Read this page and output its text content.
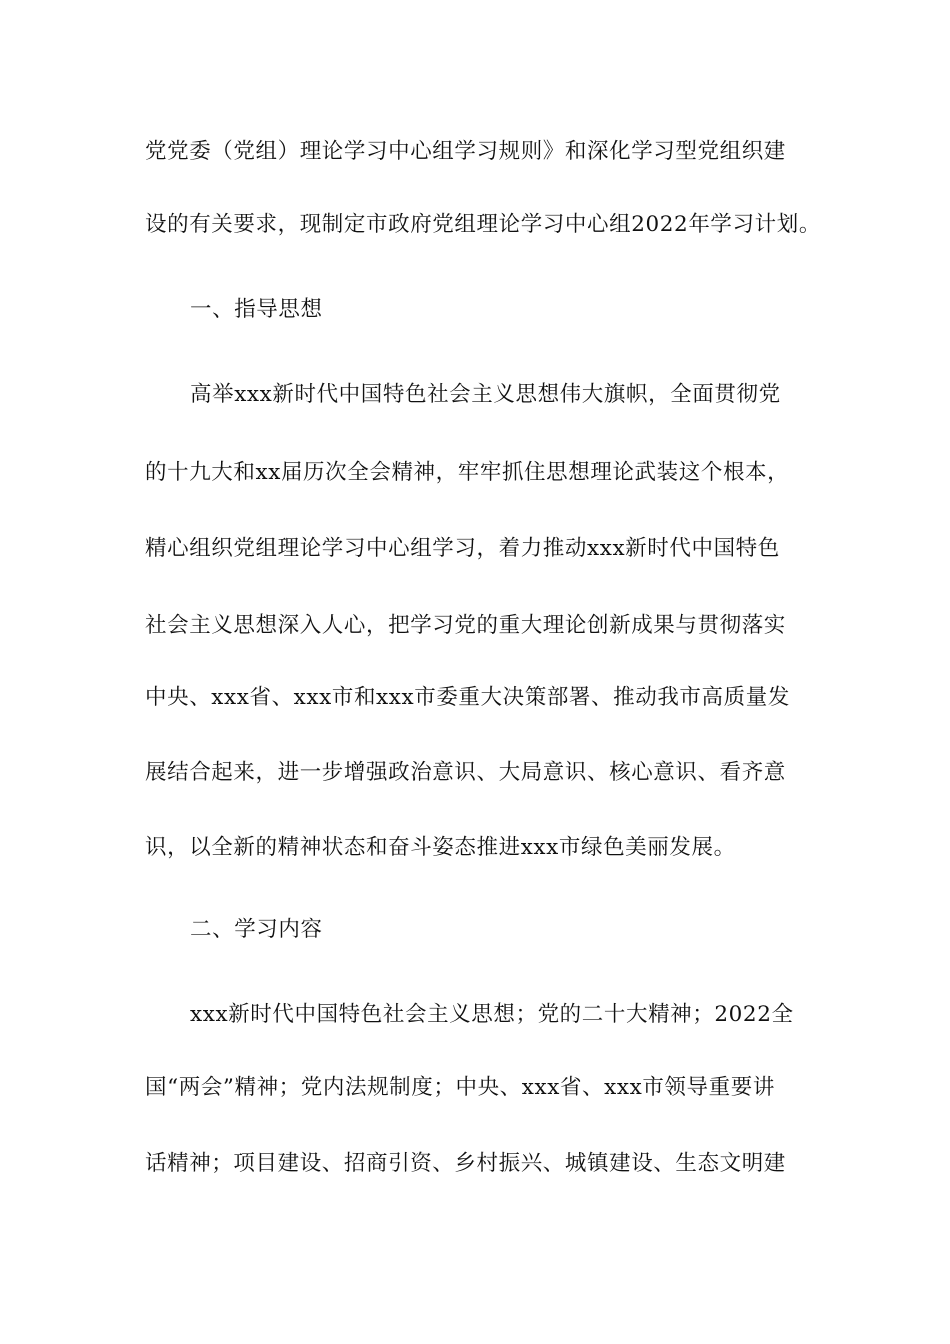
党党委（党组）理论学习中心组学习规则》和深化学习型党组织建
设的有关要求，现制定市政府党组理论学习中心组2022年学习计划。
一、指导思想
高举xxx新时代中国特色社会主义思想伟大旗帜，全面贯彻党
的十九大和xx届历次全会精神，牢牢抓住思想理论武装这个根本，
精心组织党组理论学习中心组学习，着力推动xxx新时代中国特色
社会主义思想深入人心，把学习党的重大理论创新成果与贯彻落实
中央、xxx省、xxx市和xxx市委重大决策部署、推动我市高质量发
展结合起来，进一步增强政治意识、大局意识、核心意识、看齐意
识，以全新的精神状态和奋斗姿态推进xxx市绿色美丽发展。
二、学习内容
xxx新时代中国特色社会主义思想；党的二十大精神；2022全
国“两会”精神；党内法规制度；中央、xxx省、xxx市领导重要讲
话精神；项目建设、招商引资、乡村振兴、城镇建设、生态文明建
